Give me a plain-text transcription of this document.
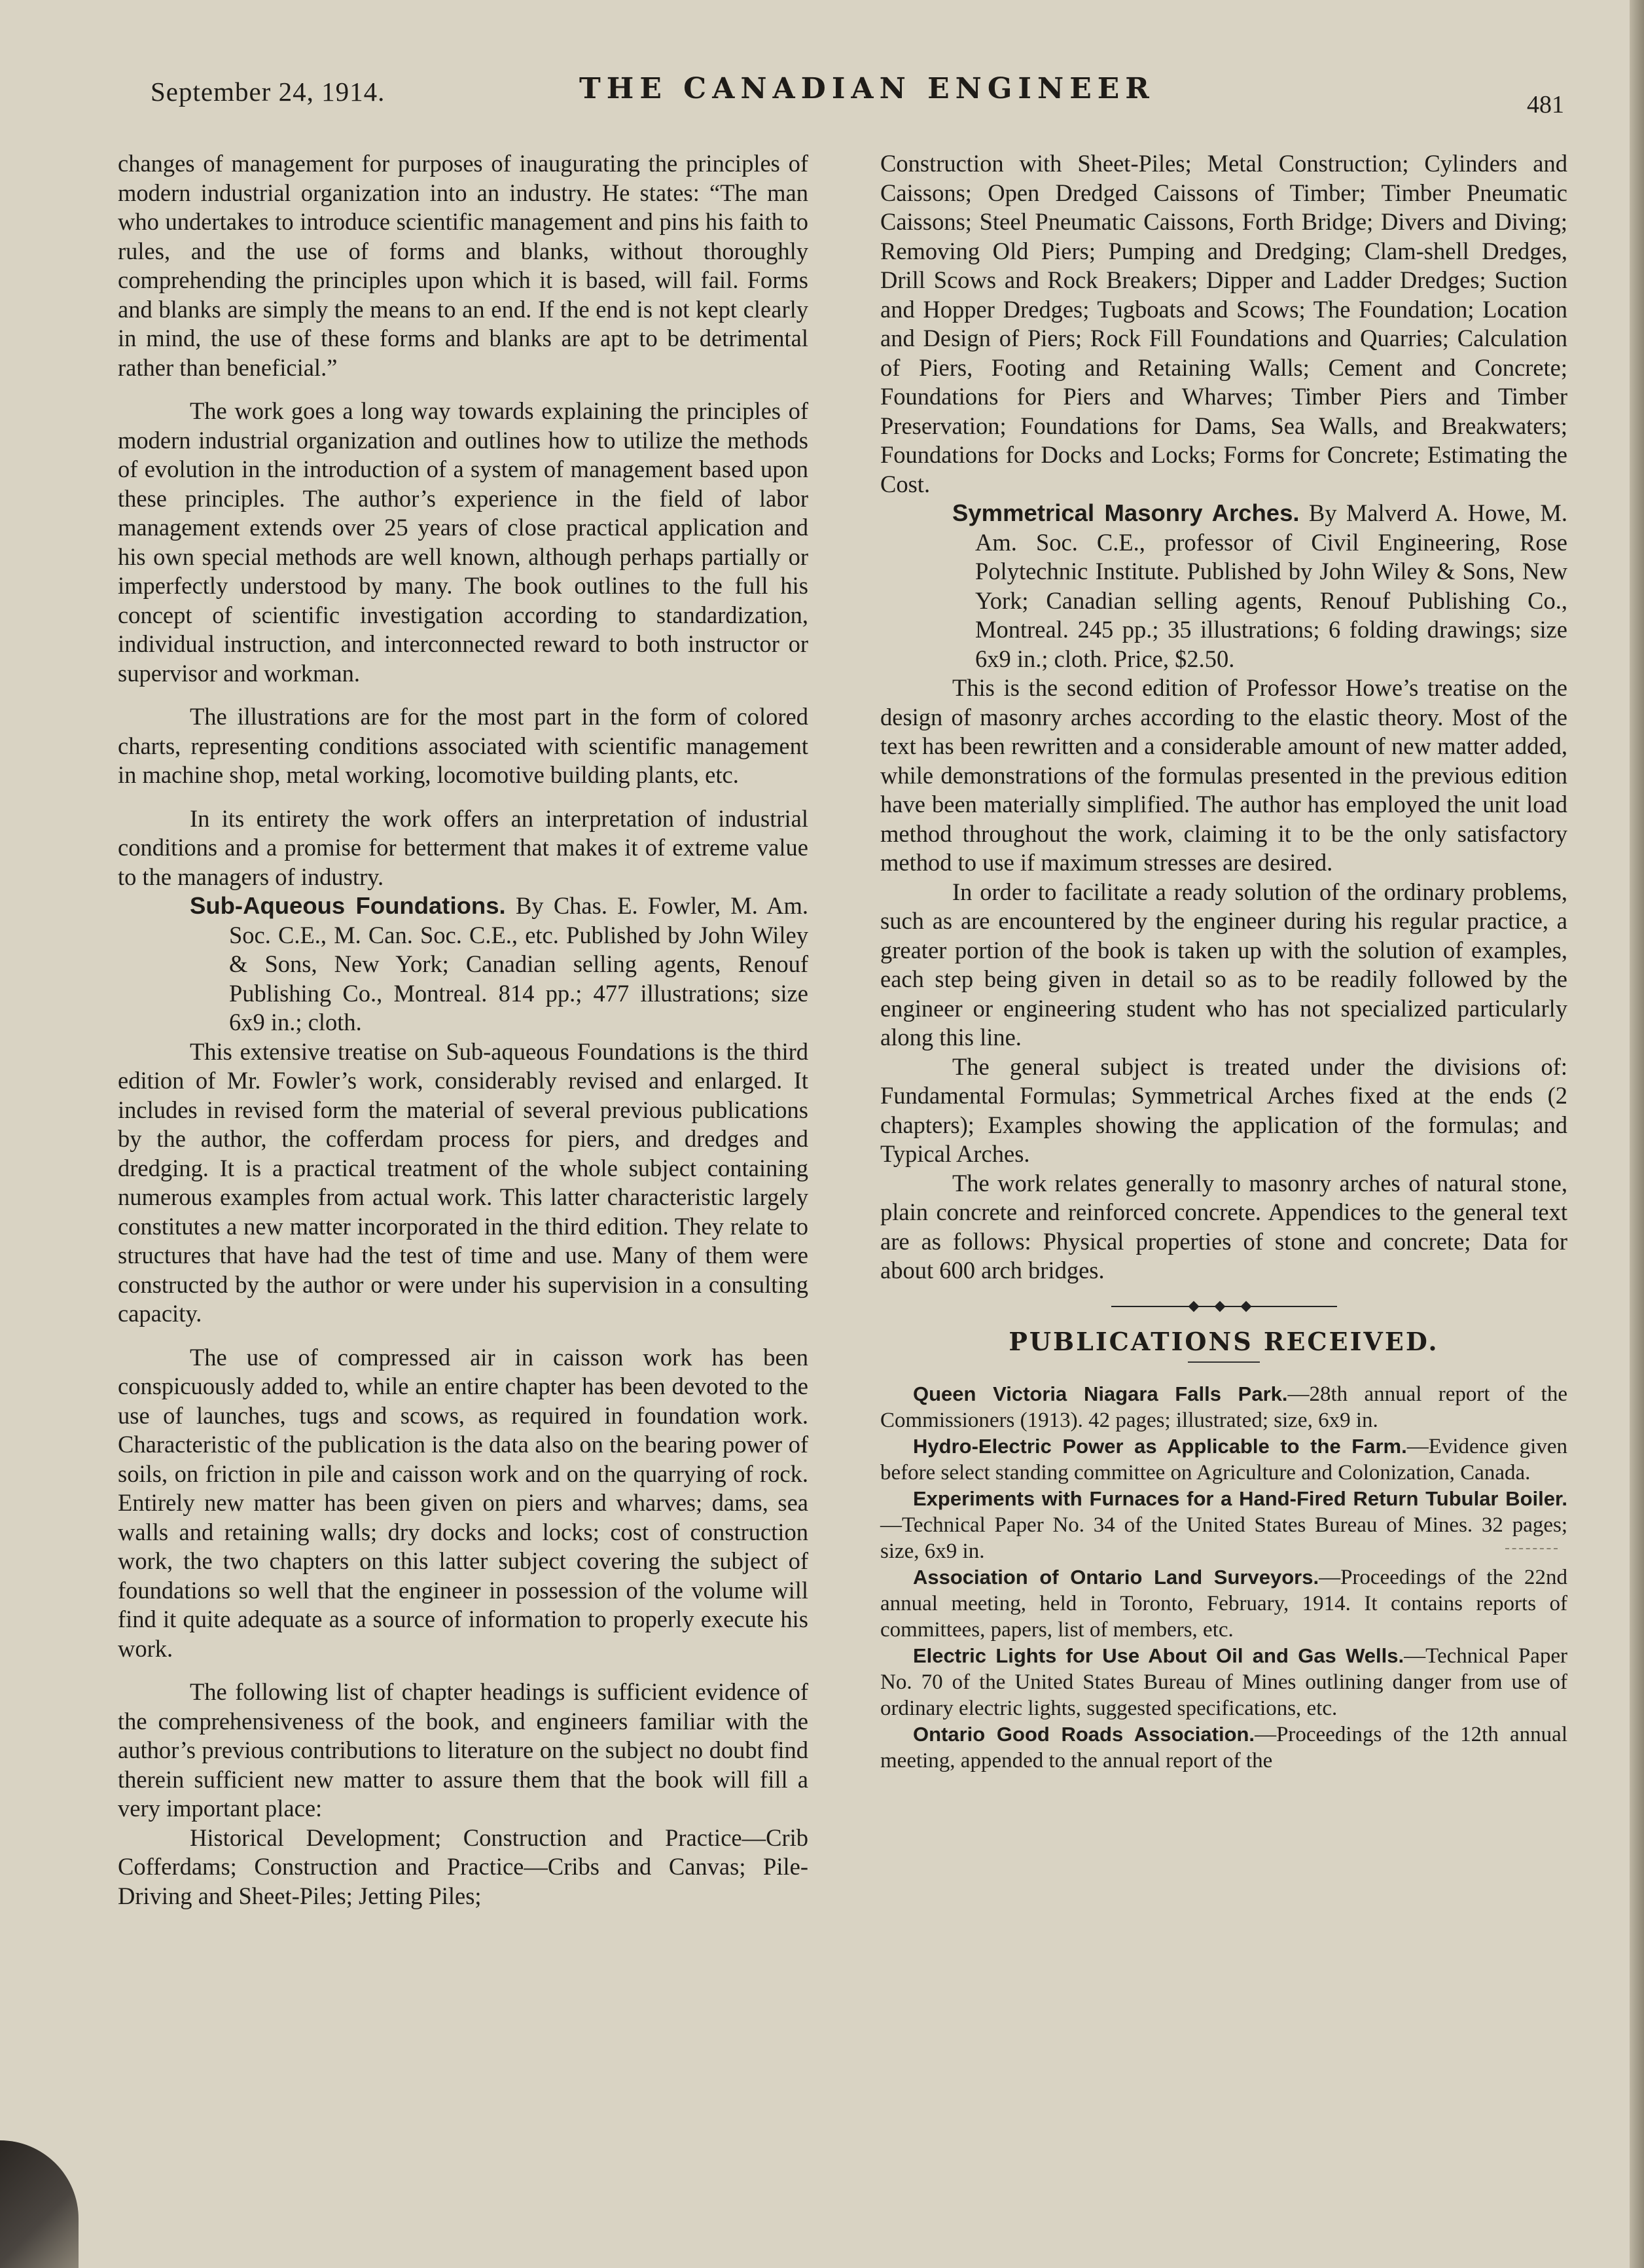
September 24, 1914.	THE CANADIAN ENGINEER	481

changes of management for purposes of inaugurating the principles of modern industrial organization into an industry. He states: “The man who undertakes to introduce scientific management and pins his faith to rules, and the use of forms and blanks, without thoroughly comprehending the principles upon which it is based, will fail. Forms and blanks are simply the means to an end. If the end is not kept clearly in mind, the use of these forms and blanks are apt to be detrimental rather than beneficial.”

The work goes a long way towards explaining the principles of modern industrial organization and outlines how to utilize the methods of evolution in the introduction of a system of management based upon these principles. The author’s experience in the field of labor management extends over 25 years of close practical application and his own special methods are well known, although perhaps partially or imperfectly understood by many. The book outlines to the full his concept of scientific investigation according to standardization, individual instruction, and interconnected reward to both instructor or supervisor and workman.

The illustrations are for the most part in the form of colored charts, representing conditions associated with scientific management in machine shop, metal working, locomotive building plants, etc.

In its entirety the work offers an interpretation of industrial conditions and a promise for betterment that makes it of extreme value to the managers of industry.

Sub-Aqueous Foundations. By Chas. E. Fowler, M. Am. Soc. C.E., M. Can. Soc. C.E., etc. Published by John Wiley & Sons, New York; Canadian selling agents, Renouf Publishing Co., Montreal. 814 pp.; 477 illustrations; size 6x9 in.; cloth.

This extensive treatise on Sub-aqueous Foundations is the third edition of Mr. Fowler’s work, considerably revised and enlarged. It includes in revised form the material of several previous publications by the author, the cofferdam process for piers, and dredges and dredging. It is a practical treatment of the whole subject containing numerous examples from actual work. This latter characteristic largely constitutes a new matter incorporated in the third edition. They relate to structures that have had the test of time and use. Many of them were constructed by the author or were under his supervision in a consulting capacity.

The use of compressed air in caisson work has been conspicuously added to, while an entire chapter has been devoted to the use of launches, tugs and scows, as required in foundation work. Characteristic of the publication is the data also on the bearing power of soils, on friction in pile and caisson work and on the quarrying of rock. Entirely new matter has been given on piers and wharves; dams, sea walls and retaining walls; dry docks and locks; cost of construction work, the two chapters on this latter subject covering the subject of foundations so well that the engineer in possession of the volume will find it quite adequate as a source of information to properly execute his work.

The following list of chapter headings is sufficient evidence of the comprehensiveness of the book, and engineers familiar with the author’s previous contributions to literature on the subject no doubt find therein sufficient new matter to assure them that the book will fill a very important place:

Historical Development; Construction and Practice—Crib Cofferdams; Construction and Practice—Cribs and Canvas; Pile-Driving and Sheet-Piles; Jetting Piles;

Construction with Sheet-Piles; Metal Construction; Cylinders and Caissons; Open Dredged Caissons of Timber; Timber Pneumatic Caissons; Steel Pneumatic Caissons, Forth Bridge; Divers and Diving; Removing Old Piers; Pumping and Dredging; Clam-shell Dredges, Drill Scows and Rock Breakers; Dipper and Ladder Dredges; Suction and Hopper Dredges; Tugboats and Scows; The Foundation; Location and Design of Piers; Rock Fill Foundations and Quarries; Calculation of Piers, Footing and Retaining Walls; Cement and Concrete; Foundations for Piers and Wharves; Timber Piers and Timber Preservation; Foundations for Dams, Sea Walls, and Breakwaters; Foundations for Docks and Locks; Forms for Concrete; Estimating the Cost.

Symmetrical Masonry Arches. By Malverd A. Howe, M. Am. Soc. C.E., professor of Civil Engineering, Rose Polytechnic Institute. Published by John Wiley & Sons, New York; Canadian selling agents, Renouf Publishing Co., Montreal. 245 pp.; 35 illustrations; 6 folding drawings; size 6x9 in.; cloth. Price, $2.50.

This is the second edition of Professor Howe’s treatise on the design of masonry arches according to the elastic theory. Most of the text has been rewritten and a considerable amount of new matter added, while demonstrations of the formulas presented in the previous edition have been materially simplified. The author has employed the unit load method throughout the work, claiming it to be the only satisfactory method to use if maximum stresses are desired.

In order to facilitate a ready solution of the ordinary problems, such as are encountered by the engineer during his regular practice, a greater portion of the book is taken up with the solution of examples, each step being given in detail so as to be readily followed by the engineer or engineering student who has not specialized particularly along this line.

The general subject is treated under the divisions of: Fundamental Formulas; Symmetrical Arches fixed at the ends (2 chapters); Examples showing the application of the formulas; and Typical Arches.

The work relates generally to masonry arches of natural stone, plain concrete and reinforced concrete. Appendices to the general text are as follows: Physical properties of stone and concrete; Data for about 600 arch bridges.

PUBLICATIONS RECEIVED.

Queen Victoria Niagara Falls Park.—28th annual report of the Commissioners (1913). 42 pages; illustrated; size, 6x9 in.

Hydro-Electric Power as Applicable to the Farm.—Evidence given before select standing committee on Agriculture and Colonization, Canada.

Experiments with Furnaces for a Hand-Fired Return Tubular Boiler.—Technical Paper No. 34 of the United States Bureau of Mines. 32 pages; size, 6x9 in.

Association of Ontario Land Surveyors.—Proceedings of the 22nd annual meeting, held in Toronto, February, 1914. It contains reports of committees, papers, list of members, etc.

Electric Lights for Use About Oil and Gas Wells.—Technical Paper No. 70 of the United States Bureau of Mines outlining danger from use of ordinary electric lights, suggested specifications, etc.

Ontario Good Roads Association.—Proceedings of the 12th annual meeting, appended to the annual report of the
